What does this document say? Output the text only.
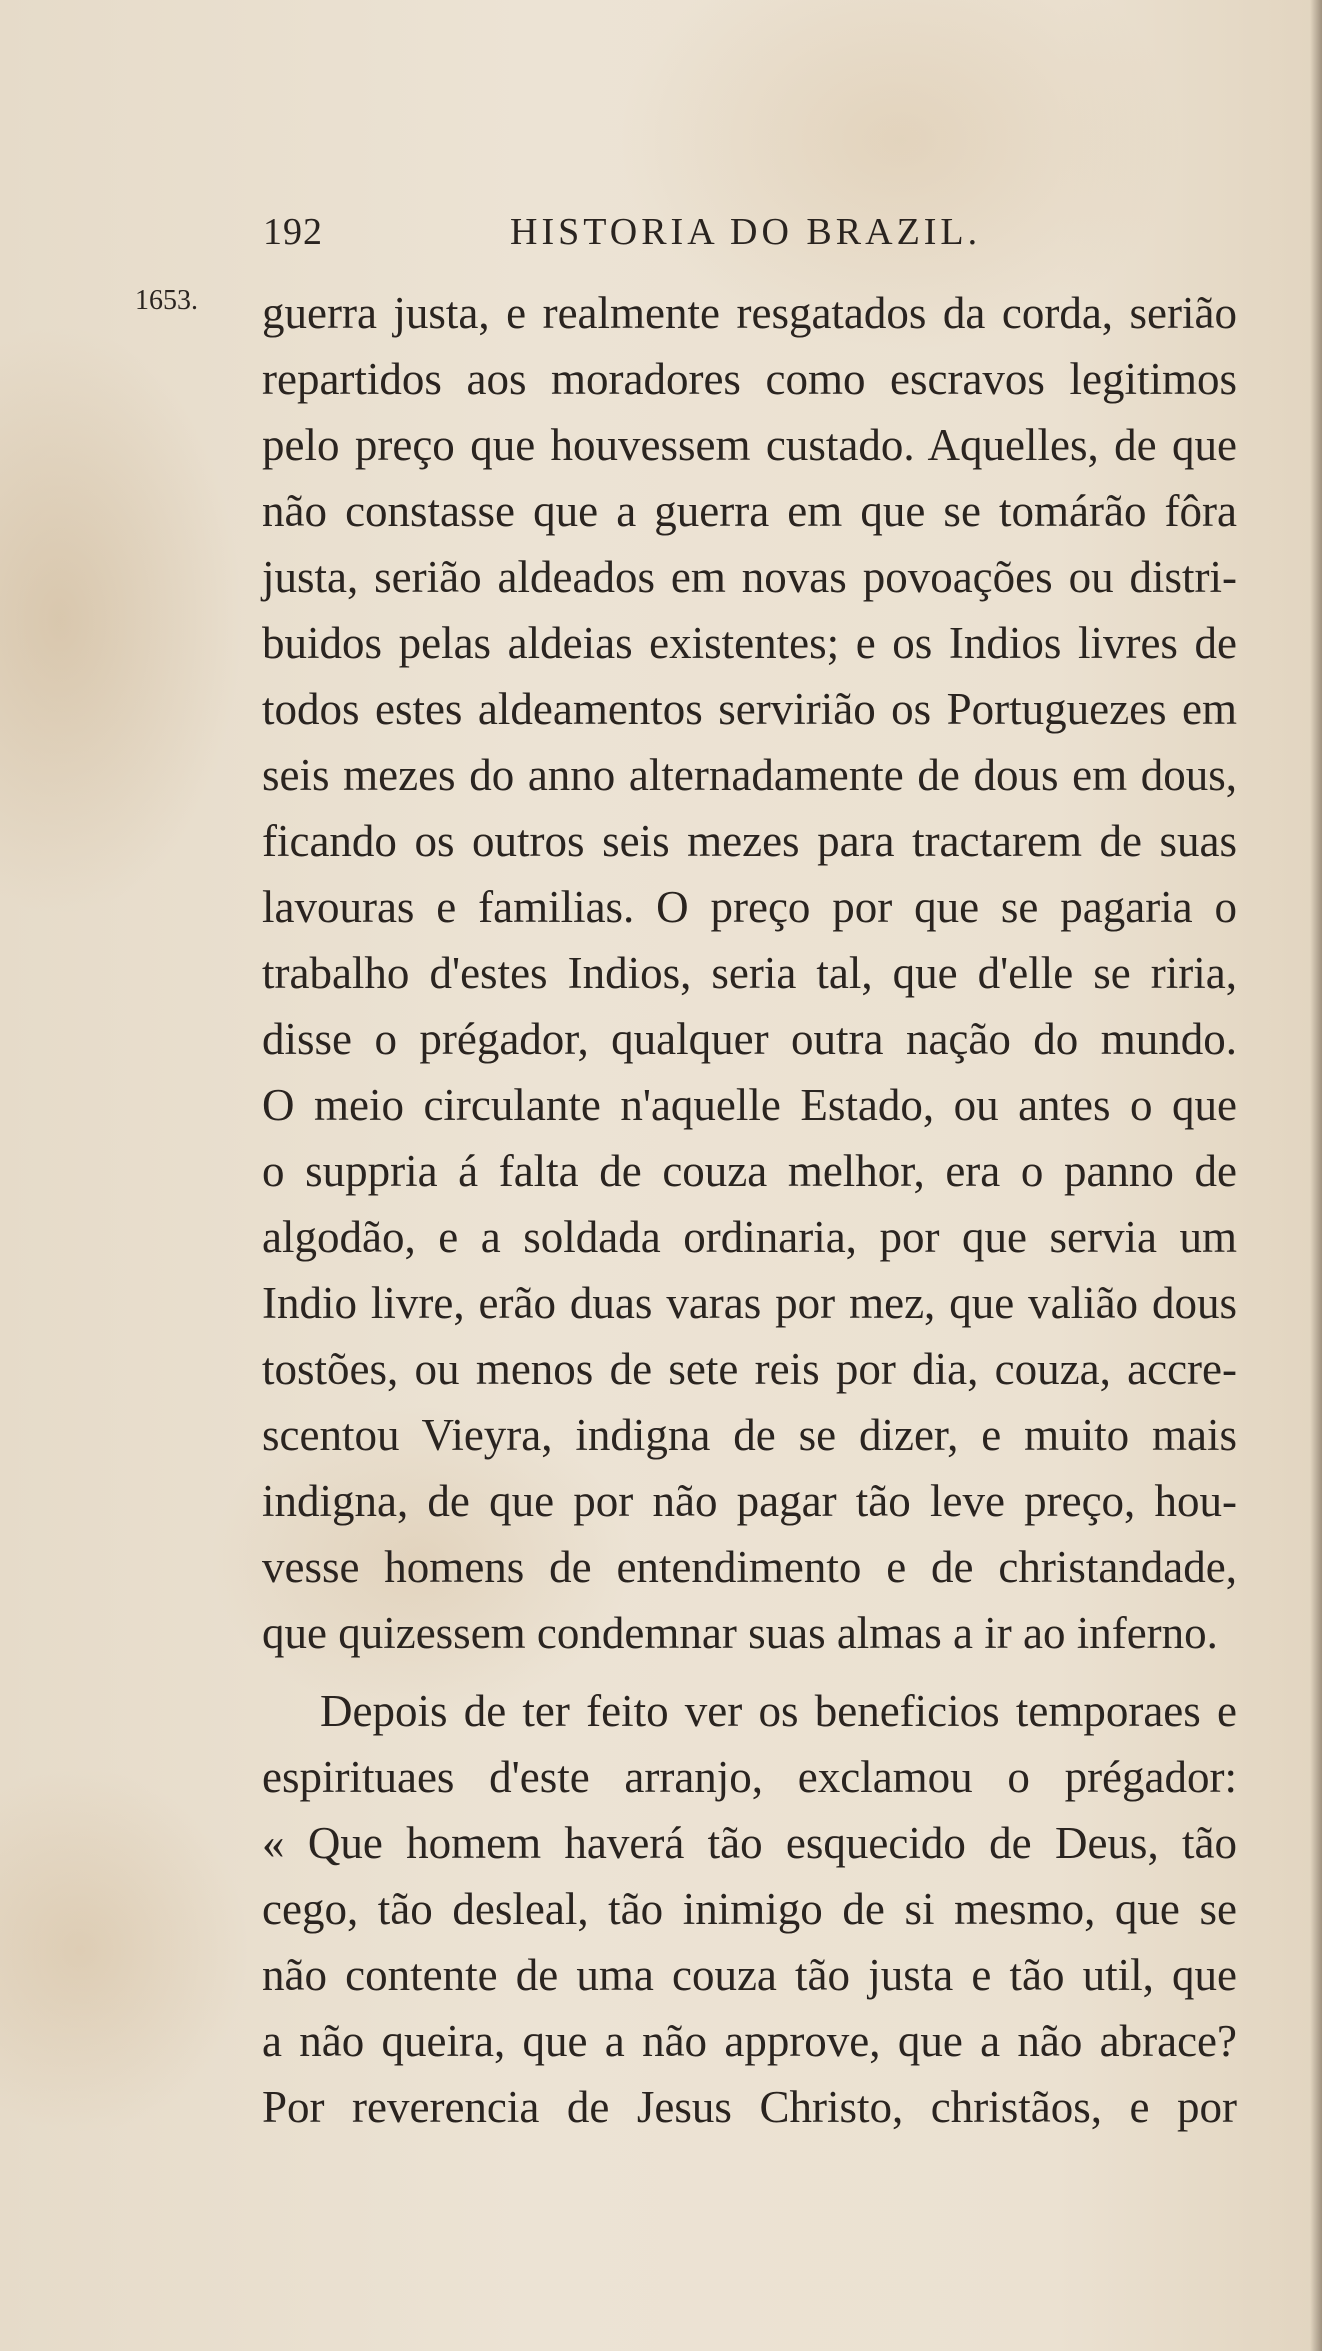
192	HISTORIA DO BRAZIL.
1653. guerra justa, e realmente resgatados da corda, serião
repartidos aos moradores como escravos legitimos
pelo preço que houvessem custado. Aquelles, de que
não constasse que a guerra em que se tomárão fôra
justa, serião aldeados em novas povoações ou distri-
buidos pelas aldeias existentes; e os Indios livres de
todos estes aldeamentos servirião os Portuguezes em
seis mezes do anno alternadamente de dous em dous,
ficando os outros seis mezes para tractarem de suas
lavouras e familias. O preço por que se pagaria o
trabalho d'estes Indios, seria tal, que d'elle se riria,
disse o prégador, qualquer outra nação do mundo.
O meio circulante n'aquelle Estado, ou antes o que
o suppria á falta de couza melhor, era o panno de
algodão, e a soldada ordinaria, por que servia um
Indio livre, erão duas varas por mez, que valião dous
tostões, ou menos de sete reis por dia, couza, accre-
scentou Vieyra, indigna de se dizer, e muito mais
indigna, de que por não pagar tão leve preço, hou-
vesse homens de entendimento e de christandade,
que quizessem condemnar suas almas a ir ao inferno.
Depois de ter feito ver os beneficios temporaes e
espirituaes d'este arranjo, exclamou o prégador:
« Que homem haverá tão esquecido de Deus, tão
cego, tão desleal, tão inimigo de si mesmo, que se
não contente de uma couza tão justa e tão util, que
a não queira, que a não approve, que a não abrace?
Por reverencia de Jesus Christo, christãos, e por
